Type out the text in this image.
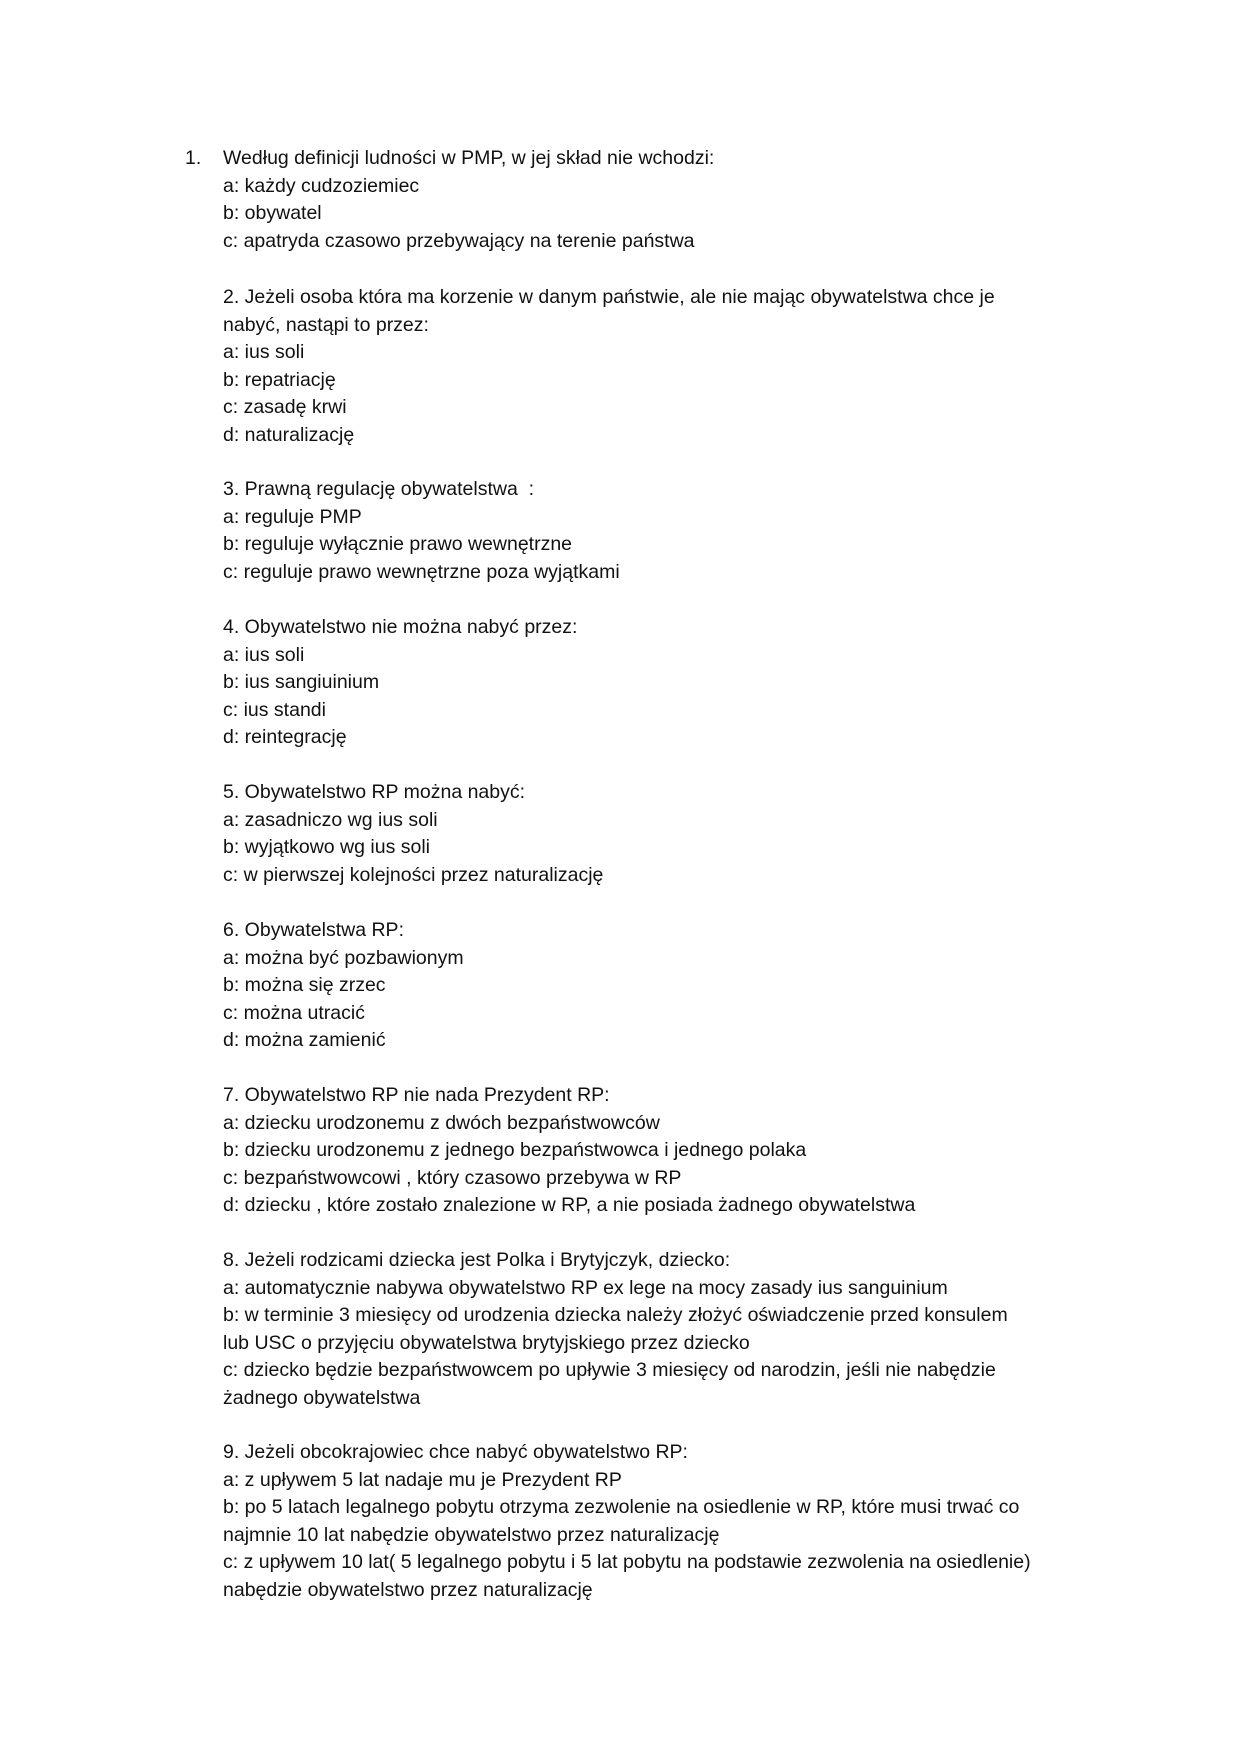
1. Według definicji ludności w PMP, w jej skład nie wchodzi:
a: każdy cudzoziemiec
b: obywatel
c: apatryda czasowo przebywający na terenie państwa
2. Jeżeli osoba która ma korzenie w danym państwie, ale nie mając obywatelstwa chce je
nabyć, nastąpi to przez:
a: ius soli
b: repatriację
c: zasadę krwi
d: naturalizację
3. Prawną regulację obywatelstwa  :
a: reguluje PMP
b: reguluje wyłącznie prawo wewnętrzne
c: reguluje prawo wewnętrzne poza wyjątkami
4. Obywatelstwo nie można nabyć przez:
a: ius soli
b: ius sangiuinium
c: ius standi
d: reintegrację
5. Obywatelstwo RP można nabyć:
a: zasadniczo wg ius soli
b: wyjątkowo wg ius soli
c: w pierwszej kolejności przez naturalizację
6. Obywatelstwa RP:
a: można być pozbawionym
b: można się zrzec
c: można utracić
d: można zamienić
7. Obywatelstwo RP nie nada Prezydent RP:
a: dziecku urodzonemu z dwóch bezpaństwowców
b: dziecku urodzonemu z jednego bezpaństwowca i jednego polaka
c: bezpaństwowcowi , który czasowo przebywa w RP
d: dziecku , które zostało znalezione w RP, a nie posiada żadnego obywatelstwa
8. Jeżeli rodzicami dziecka jest Polka i Brytyjczyk, dziecko:
a: automatycznie nabywa obywatelstwo RP ex lege na mocy zasady ius sanguinium
b: w terminie 3 miesięcy od urodzenia dziecka należy złożyć oświadczenie przed konsulem
lub USC o przyjęciu obywatelstwa brytyjskiego przez dziecko
c: dziecko będzie bezpaństwowcem po upływie 3 miesięcy od narodzin, jeśli nie nabędzie
żadnego obywatelstwa
9. Jeżeli obcokrajowiec chce nabyć obywatelstwo RP:
a: z upływem 5 lat nadaje mu je Prezydent RP
b: po 5 latach legalnego pobytu otrzyma zezwolenie na osiedlenie w RP, które musi trwać co
najmnie 10 lat nabędzie obywatelstwo przez naturalizację
c: z upływem 10 lat( 5 legalnego pobytu i 5 lat pobytu na podstawie zezwolenia na osiedlenie)
nabędzie obywatelstwo przez naturalizację
